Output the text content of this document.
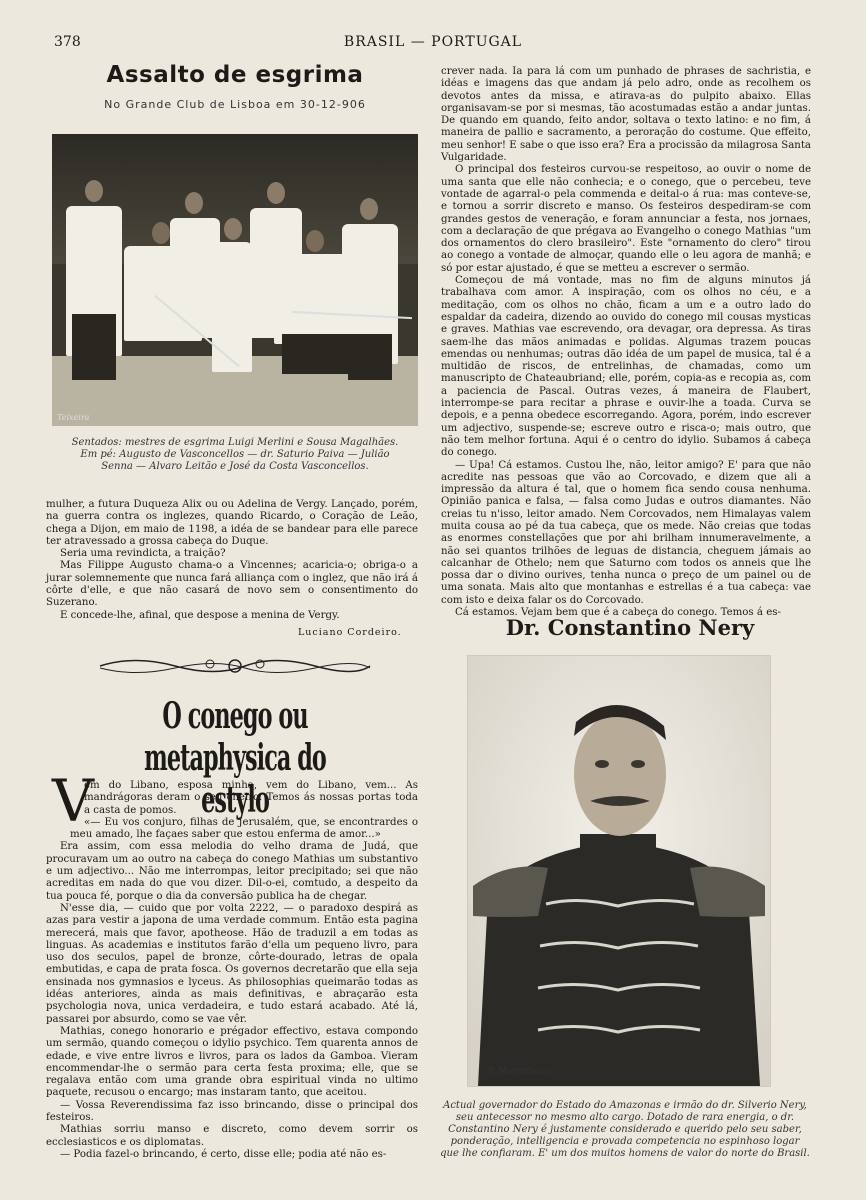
378	BRASIL — PORTUGAL
Assalto de esgrima
No Grande Club de Lisboa em 30-12-906
Teixeira
Sentados: mestres de esgrima Luigi Merlini e Sousa Magalhães.
Em pé: Augusto de Vasconcellos — dr. Saturio Paiva — Julião
Senna — Alvaro Leitão e José da Costa Vasconcellos.

mulher, a futura Duqueza Alix ou ou Adelina de Vergy. Lançado, porém, na guerra contra os inglezes, quando Ricardo, o Coração de Leão, chega a Dijon, em maio de 1198, a idéa de se bandear para elle parece ter atravessado a grossa cabeça do Duque.

Seria uma revindicta, a traição?

Mas Filippe Augusto chama-o a Vincennes; acaricia-o; obriga-o a jurar solemnemente que nunca fará alliança com o inglez, que não irá á côrte d'elle, e que não casará de novo sem o consentimento do Suzerano.

E concede-lhe, afinal, que despose a menina de Vergy.

Luciano Cordeiro.
O conego ou metaphysica do estylo
V

em do Libano, esposa minha, vem do Libano, vem... As mandrágoras deram o seu cheiro. Temos ás nossas portas toda a casta de pomos.

«— Eu vos conjuro, filhas de Jerusalém, que, se encontrardes o meu amado, lhe façaes saber que estou enferma de amor...»

Era assim, com essa melodia do velho drama de Judá, que procuravam um ao outro na cabeça do conego Mathias um substantivo e um adjectivo... Não me interrompas, leitor precipitado; sei que não acreditas em nada do que vou dizer. Dil-o-ei, comtudo, a despeito da tua pouca fé, porque o dia da conversão publica ha de chegar.

N'esse dia, — cuido que por volta 2222, — o paradoxo despirá as azas para vestir a japona de uma verdade commum. Então esta pagina merecerá, mais que favor, apotheose. Hão de traduzil a em todas as linguas. As academias e institutos farão d'ella um pequeno livro, para uso dos seculos, papel de bronze, côrte-dourado, letras de opala embutidas, e capa de prata fosca. Os governos decretarão que ella seja ensinada nos gymnasios e lyceus. As philosophias queimarão todas as idéas anteriores, ainda as mais definitivas, e abraçarão esta psychologia nova, unica verdadeira, e tudo estará acabado. Até lá, passarei por absurdo, como se vae vêr.

Mathias, conego honorario e prégador effectivo, estava compondo um sermão, quando começou o idylio psychico. Tem quarenta annos de edade, e vive entre livros e livros, para os lados da Gamboa. Vieram encommendar-lhe o sermão para certa festa proxima; elle, que se regalava então com uma grande obra espiritual vinda no ultimo paquete, recusou o encargo; mas instaram tanto, que aceitou.

— Vossa Reverendissima faz isso brincando, disse o principal dos festeiros.

Mathias sorriu manso e discreto, como devem sorrir os ecclesiasticos e os diplomatas.

— Podia fazel-o brincando, é certo, disse elle; podia até não es-

crever nada. Ia para lá com um punhado de phrases de sachristia, e idéas e imagens das que andam já pelo adro, onde as recolhem os devotos antes da missa, e atirava-as do pulpito abaixo. Ellas organisavam-se por si mesmas, tão acostumadas estão a andar juntas. De quando em quando, feito andor, soltava o texto latino: e no fim, á maneira de pallio e sacramento, a peroração do costume. Que effeito, meu senhor! E sabe o que isso era? Era a procissão da milagrosa Santa Vulgaridade.

O principal dos festeiros curvou-se respeitoso, ao ouvir o nome de uma santa que elle não conhecia; e o conego, que o percebeu, teve vontade de agarral-o pela commenda e deital-o á rua: mas conteve-se, e tornou a sorrir discreto e manso. Os festeiros despediram-se com grandes gestos de veneração, e foram annunciar a festa, nos jornaes, com a declaração de que prégava ao Evangelho o conego Mathias "um dos ornamentos do clero brasileiro". Este "ornamento do clero" tirou ao conego a vontade de almoçar, quando elle o leu agora de manhã; e só por estar ajustado, é que se metteu a escrever o sermão.

Começou de má vontade, mas no fim de alguns minutos já trabalhava com amor. A inspiração, com os olhos no céu, e a meditação, com os olhos no chão, ficam a um e a outro lado do espaldar da cadeira, dizendo ao ouvido do conego mil cousas mysticas e graves. Mathias vae escrevendo, ora devagar, ora depressa. As tiras saem-lhe das mãos animadas e polidas. Algumas trazem poucas emendas ou nenhumas; outras dão idéa de um papel de musica, tal é a multidão de riscos, de entrelinhas, de chamadas, como um manuscripto de Chateaubriand; elle, porém, copia-as e recopia as, com a paciencia de Pascal. Outras vezes, á maneira de Flaubert, interrompe-se para recitar a phrase e ouvir-lhe a toada. Curva se depois, e a penna obedece escorregando. Agora, porém, indo escrever um adjectivo, suspende-se; escreve outro e risca-o; mais outro, que não tem melhor fortuna. Aqui é o centro do idylio. Subamos á cabeça do conego.

— Upa! Cá estamos. Custou lhe, não, leitor amigo? E' para que não acredite nas pessoas que vão ao Corcovado, e dizem que ali a impressão da altura é tal, que o homem fica sendo cousa nenhuma. Opinião panica e falsa, — falsa como Judas e outros diamantes. Não creias tu n'isso, leitor amado. Nem Corcovados, nem Himalayas valem muita cousa ao pé da tua cabeça, que os mede. Não creias que todas as enormes constellações que por ahi brilham innumeravelmente, a não sei quantos trilhões de leguas de distancia, cheguem jámais ao calcanhar de Othelo; nem que Saturno com todos os anneis que lhe possa dar o divino ourives, tenha nunca o preço de um painel ou de uma sonata. Mais alto que montanhas e estrellas é a tua cabeça: vae com isto e deixa falar os do Corcovado.

Cá estamos. Vejam bem que é a cabeça do conego. Temos á es-

Dr. Constantino Nery
P. Marimbasgr
Actual governador do Estado do Amazonas e irmão do dr. Silverio Nery, seu antecessor no mesmo alto cargo. Dotado de rara energia, o dr. Constantino Nery é justamente considerado e querido pelo seu saber, ponderação, intelligencia e provada competencia no espinhoso logar que lhe confiaram. E' um dos muitos homens de valor do norte do Brasil.
